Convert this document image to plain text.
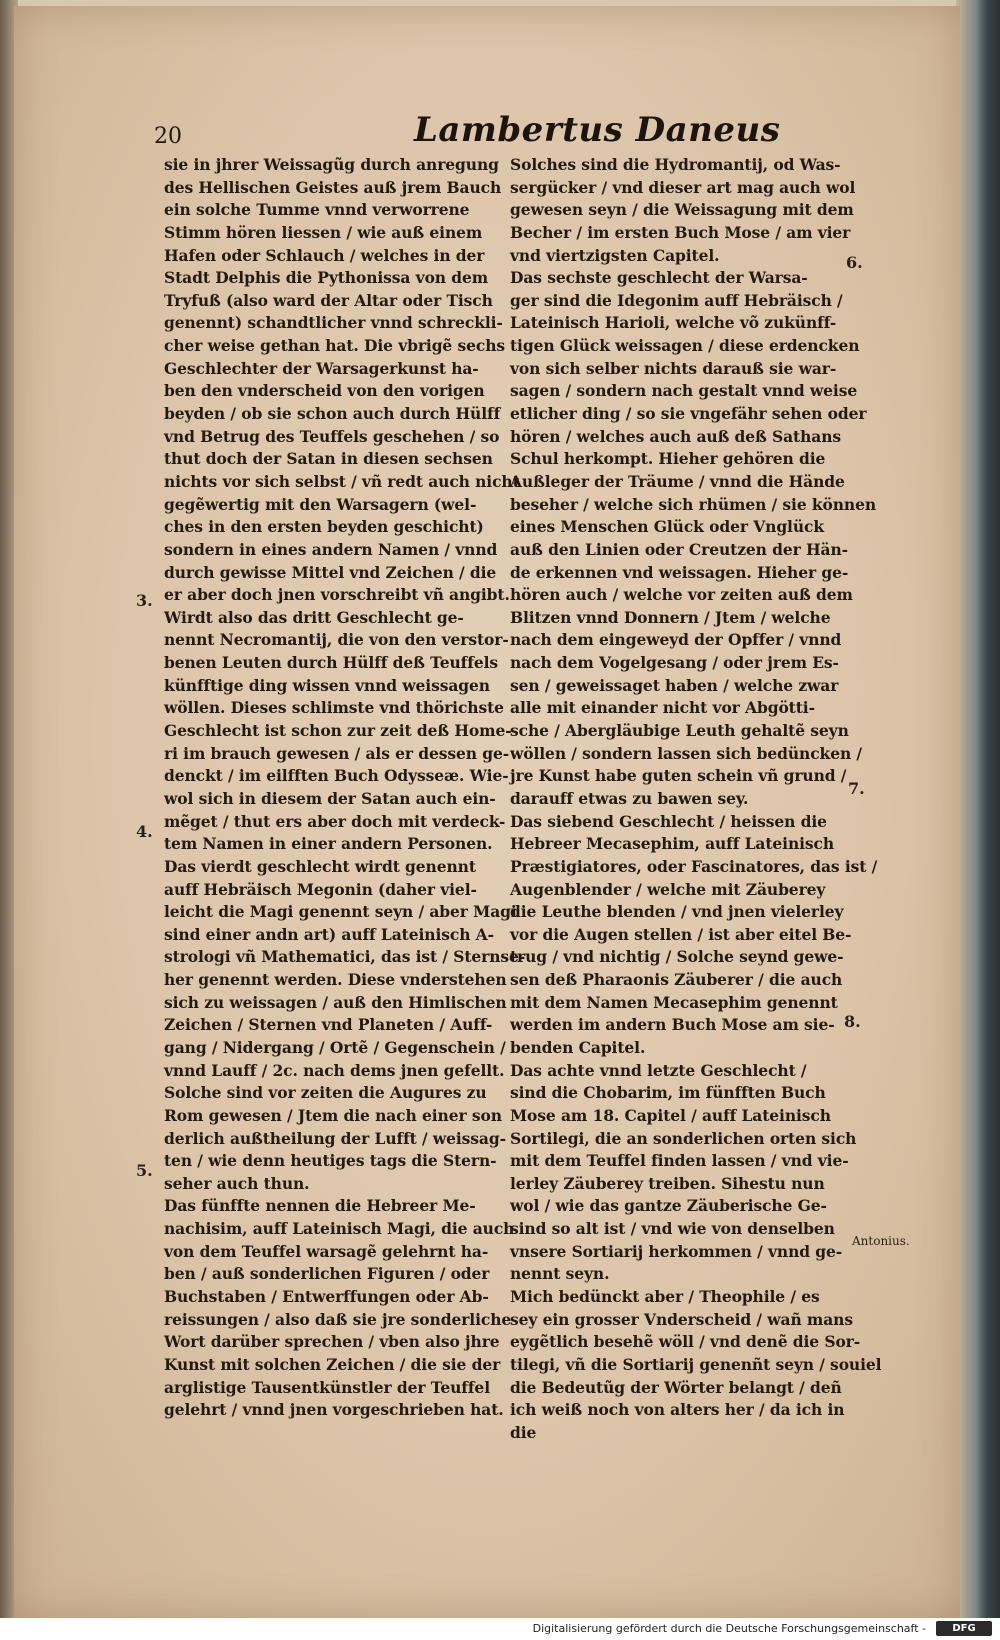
20	Lambertus Daneus
sie in jhrer Weissagũg durch anregung
des Hellischen Geistes auß jrem Bauch
ein solche Tumme vnnd verworrene
Stimm hören liessen / wie auß einem
Hafen oder Schlauch / welches in der
Stadt Delphis die Pythonissa von dem
Tryfuß (also ward der Altar oder Tisch
genennt) schandtlicher vnnd schreckli-
cher weise gethan hat. Die vbrigẽ sechs
Geschlechter der Warsagerkunst ha-
ben den vnderscheid von den vorigen
beyden / ob sie schon auch durch Hülff
vnd Betrug des Teuffels geschehen / so
thut doch der Satan in diesen sechsen
nichts vor sich selbst / vñ redt auch nicht
gegẽwertig mit den Warsagern (wel-
ches in den ersten beyden geschicht)
sondern in eines andern Namen / vnnd
durch gewisse Mittel vnd Zeichen / die
er aber doch jnen vorschreibt vñ angibt.
Wirdt also das dritt Geschlecht ge-
nennt Necromantij, die von den verstor-
benen Leuten durch Hülff deß Teuffels
künfftige ding wissen vnnd weissagen
wöllen. Dieses schlimste vnd thörichste
Geschlecht ist schon zur zeit deß Home-
ri im brauch gewesen / als er dessen ge-
denckt / im eilfften Buch Odysseæ. Wie-
wol sich in diesem der Satan auch ein-
mẽget / thut ers aber doch mit verdeck-
tem Namen in einer andern Personen.
Das vierdt geschlecht wirdt genennt
auff Hebräisch Megonin (daher viel-
leicht die Magi genennt seyn / aber Magi
sind einer andn art) auff Lateinisch A-
strologi vñ Mathematici, das ist / Sternse-
her genennt werden. Diese vnderstehen
sich zu weissagen / auß den Himlischen
Zeichen / Sternen vnd Planeten / Auff-
gang / Nidergang / Ortẽ / Gegenschein /
vnnd Lauff / 2c. nach dems jnen gefellt.
Solche sind vor zeiten die Augures zu
Rom gewesen / Jtem die nach einer son
derlich außtheilung der Lufft / weissag-
ten / wie denn heutiges tags die Stern-
seher auch thun.
Das fünffte nennen die Hebreer Me-
nachisim, auff Lateinisch Magi, die auch
von dem Teuffel warsagẽ gelehrnt ha-
ben / auß sonderlichen Figuren / oder
Buchstaben / Entwerffungen oder Ab-
reissungen / also daß sie jre sonderliche
Wort darüber sprechen / vben also jhre
Kunst mit solchen Zeichen / die sie der
arglistige Tausentkünstler der Teuffel
gelehrt / vnnd jnen vorgeschrieben hat.
Solches sind die Hydromantij, od Was-
sergücker / vnd dieser art mag auch wol
gewesen seyn / die Weissagung mit dem
Becher / im ersten Buch Mose / am vier
vnd viertzigsten Capitel.
Das sechste geschlecht der Warsa-
ger sind die Idegonim auff Hebräisch /
Lateinisch Harioli, welche võ zukünff-
tigen Glück weissagen / diese erdencken
von sich selber nichts darauß sie war-
sagen / sondern nach gestalt vnnd weise
etlicher ding / so sie vngefähr sehen oder
hören / welches auch auß deß Sathans
Schul herkompt. Hieher gehören die
Außleger der Träume / vnnd die Hände
beseher / welche sich rhümen / sie können
eines Menschen Glück oder Vnglück
auß den Linien oder Creutzen der Hän-
de erkennen vnd weissagen. Hieher ge-
hören auch / welche vor zeiten auß dem
Blitzen vnnd Donnern / Jtem / welche
nach dem eingeweyd der Opffer / vnnd
nach dem Vogelgesang / oder jrem Es-
sen / geweissaget haben / welche zwar
alle mit einander nicht vor Abgötti-
sche / Abergläubige Leuth gehaltẽ seyn
wöllen / sondern lassen sich bedüncken /
jre Kunst habe guten schein vñ grund /
darauff etwas zu bawen sey.
Das siebend Geschlecht / heissen die
Hebreer Mecasephim, auff Lateinisch
Præstigiatores, oder Fascinatores, das ist /
Augenblender / welche mit Zäuberey
die Leuthe blenden / vnd jnen vielerley
vor die Augen stellen / ist aber eitel Be-
trug / vnd nichtig / Solche seynd gewe-
sen deß Pharaonis Zäuberer / die auch
mit dem Namen Mecasephim genennt
werden im andern Buch Mose am sie-
benden Capitel.
Das achte vnnd letzte Geschlecht /
sind die Chobarim, im fünfften Buch
Mose am 18. Capitel / auff Lateinisch
Sortilegi, die an sonderlichen orten sich
mit dem Teuffel finden lassen / vnd vie-
lerley Zäuberey treiben. Sihestu nun
wol / wie das gantze Zäuberische Ge-
sind so alt ist / vnd wie von denselben
vnsere Sortiarij herkommen / vnnd ge-
nennt seyn.
Mich bedünckt aber / Theophile / es
sey ein grosser Vnderscheid / wañ mans
eygẽtlich besehẽ wöll / vnd denẽ die Sor-
tilegi, vñ die Sortiarij genenñt seyn / souiel
die Bedeutũg der Wörter belangt / deñ
ich weiß noch von alters her / da ich in
die
3.
4.
5.
6.
7.
8.
Antonius.
Digitalisierung gefördert durch die Deutsche Forschungsgemeinschaft -	DFG
